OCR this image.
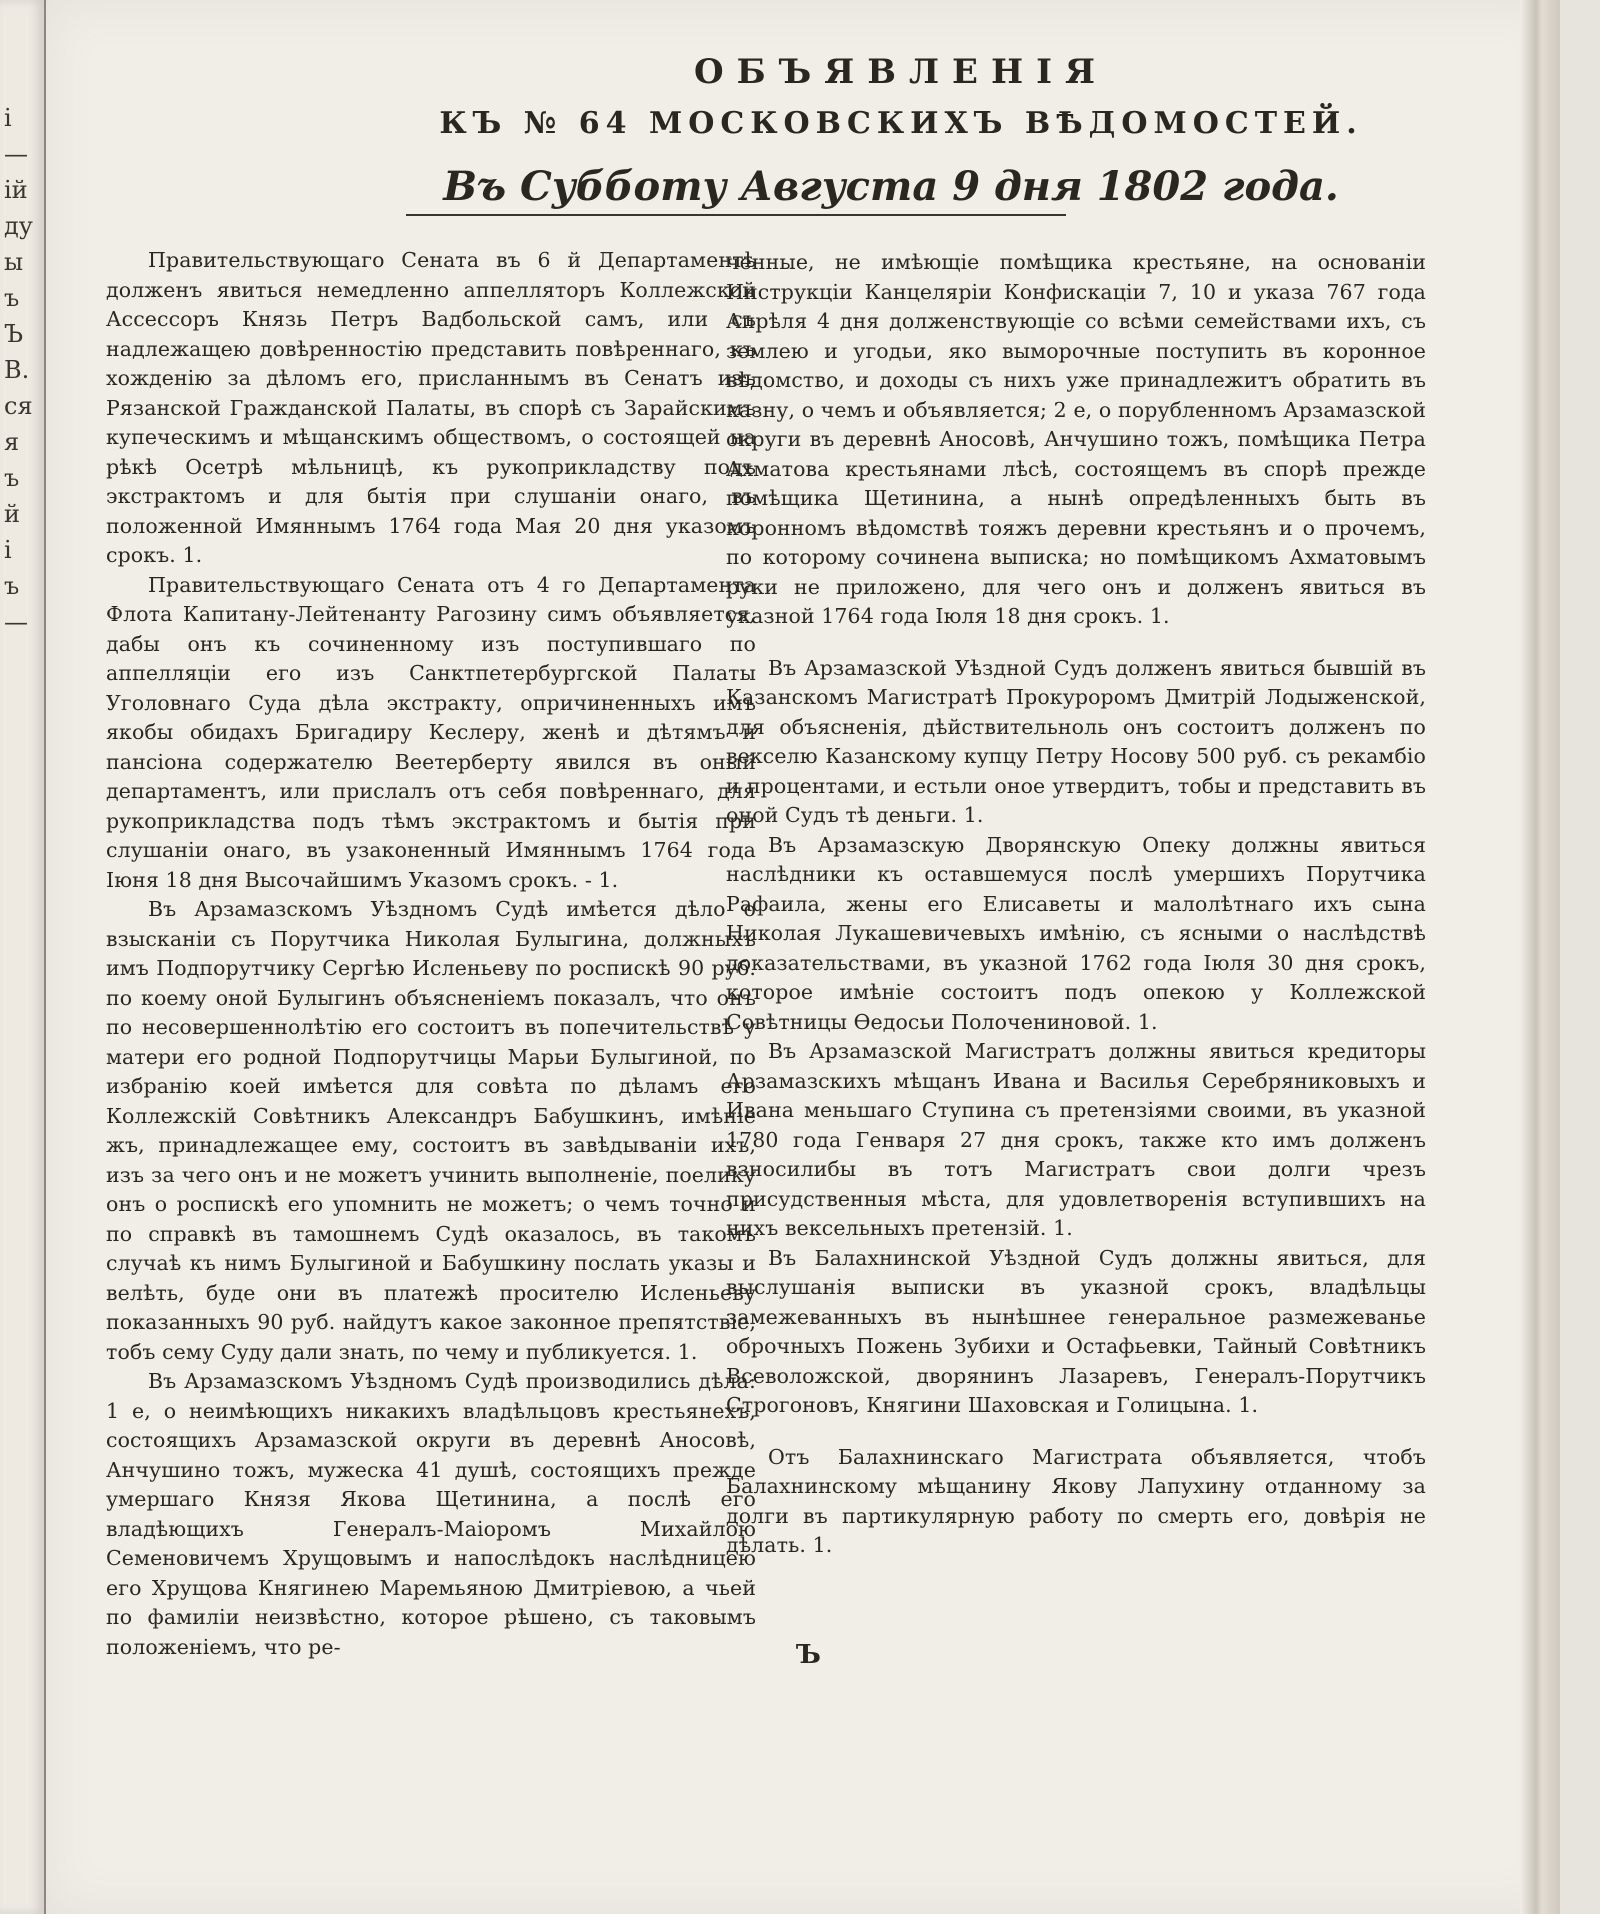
і
—
ій
ду
ы
ъ
Ъ
В.
ся
я
ъ
й
і
ъ
—
ОБЪЯВЛЕНІЯ
КЪ № 64 МОСКОВСКИХЪ ВѢДОМОСТЕЙ.
Въ Субботу Августа 9 дня 1802 года.

Правительствующаго Сената въ 6 й Департаментѣ долженъ явиться немедленно аппелляторъ Коллежской Ассессоръ Князь Петръ Вадбольской самъ, или съ надлежащею довѣренностію представить повѣреннаго, къ хожденію за дѣломъ его, присланнымъ въ Сенатъ изъ Рязанской Гражданской Палаты, въ спорѣ съ Зарайскимъ купеческимъ и мѣщанскимъ обществомъ, о состоящей на рѣкѣ Осетрѣ мѣльницѣ, къ рукоприкладству подъ экстрактомъ и для бытія при слушаніи онаго, въ положенной Имяннымъ 1764 года Мая 20 дня указомъ срокъ. 1.

Правительствующаго Сената отъ 4 го Департамента Флота Капитану-Лейтенанту Рагозину симъ объявляется, дабы онъ къ сочиненному изъ поступившаго по аппелляціи его изъ Санктпетербургской Палаты Уголовнаго Суда дѣла экстракту, опричиненныхъ имъ якобы обидахъ Бригадиру Кеслеру, женѣ и дѣтямъ и пансіона содержателю Веетерберту явился въ оный департаментъ, или прислалъ отъ себя повѣреннаго, для рукоприкладства подъ тѣмъ экстрактомъ и бытія при слушаніи онаго, въ узаконенный Имяннымъ 1764 года Іюня 18 дня Высочайшимъ Указомъ срокъ. - 1.

Въ Арзамазскомъ Уѣздномъ Судѣ имѣется дѣло о взысканіи съ Порутчика Николая Булыгина, должныхъ имъ Подпорутчику Сергѣю Исленьеву по роспискѣ 90 руб. по коему оной Булыгинъ объясненіемъ показалъ, что онъ по несовершеннолѣтію его состоитъ въ попечительствѣ у матери его родной Подпорутчицы Марьи Булыгиной, по избранію коей имѣется для совѣта по дѣламъ его Коллежскій Совѣтникъ Александръ Бабушкинъ, имѣніе жъ, принадлежащее ему, состоитъ въ завѣдываніи ихъ, изъ за чего онъ и не можетъ учинить выполненіе, поелику онъ о роспискѣ его упомнить не можетъ; о чемъ точно и по справкѣ въ тамошнемъ Судѣ оказалось, въ такомъ случаѣ къ нимъ Булыгиной и Бабушкину послать указы и велѣть, буде они въ платежѣ просителю Исленьеву показанныхъ 90 руб. найдутъ какое законное препятствіе, тобъ сему Суду дали знать, по чему и публикуется. 1.

Въ Арзамазскомъ Уѣздномъ Судѣ производились дѣла: 1 е, о неимѣющихъ никакихъ владѣльцовъ крестьянехъ, состоящихъ Арзамазской округи въ деревнѣ Аносовѣ, Анчушино тожъ, мужеска 41 душѣ, состоящихъ прежде умершаго Князя Якова Щетинина, а послѣ его владѣющихъ Генералъ-Маіоромъ Михайлою Семеновичемъ Хрущовымъ и напослѣдокъ наслѣдницею его Хрущова Княгинею Маремьяною Дмитріевою, а чьей по фамиліи неизвѣстно, которое рѣшено, съ таковымъ положеніемъ, что ре-

ченные, не имѣющіе помѣщика крестьяне, на основаніи Инструкціи Канцеляріи Конфискаціи 7, 10 и указа 767 года Апрѣля 4 дня долженствующіе со всѣми семействами ихъ, съ землею и угодьи, яко выморочные поступить въ коронное вѣдомство, и доходы съ нихъ уже принадлежитъ обратить въ казну, о чемъ и объявляется; 2 е, о порубленномъ Арзамазской округи въ деревнѣ Аносовѣ, Анчушино тожъ, помѣщика Петра Ахматова крестьянами лѣсѣ, состоящемъ въ спорѣ прежде помѣщика Щетинина, а нынѣ опредѣленныхъ быть въ коронномъ вѣдомствѣ тояжъ деревни крестьянъ и о прочемъ, по которому сочинена выписка; но помѣщикомъ Ахматовымъ руки не приложено, для чего онъ и долженъ явиться въ указной 1764 года Іюля 18 дня срокъ. 1.

Въ Арзамазской Уѣздной Судъ долженъ явиться бывшій въ Казанскомъ Магистратѣ Прокуроромъ Дмитрій Лодыженской, для объясненія, дѣйствительноль онъ состоитъ долженъ по векселю Казанскому купцу Петру Носову 500 руб. съ рекамбіо и процентами, и естьли оное утвердитъ, тобы и представить въ оной Судъ тѣ деньги. 1.

Въ Арзамазскую Дворянскую Опеку должны явиться наслѣдники къ оставшемуся послѣ умершихъ Порутчика Рафаила, жены его Елисаветы и малолѣтнаго ихъ сына Николая Лукашевичевыхъ имѣнію, съ ясными о наслѣдствѣ доказательствами, въ указной 1762 года Іюля 30 дня срокъ, которое имѣніе состоитъ подъ опекою у Коллежской Совѣтницы Ѳедосьи Полочениновой. 1.

Въ Арзамазской Магистратъ должны явиться кредиторы Арзамазскихъ мѣщанъ Ивана и Василья Серебряниковыхъ и Ивана меньшаго Ступина съ претензіями своими, въ указной 1780 года Генваря 27 дня срокъ, также кто имъ долженъ взносилибы въ тотъ Магистратъ свои долги чрезъ присудственныя мѣста, для удовлетворенія вступившихъ на нихъ вексельныхъ претензій. 1.

Въ Балахнинской Уѣздной Судъ должны явиться, для выслушанія выписки въ указной срокъ, владѣльцы замежеванныхъ въ нынѣшнее генеральное размежеванье оброчныхъ Пожень Зубихи и Остафьевки, Тайный Совѣтникъ Всеволожской, дворянинъ Лазаревъ, Генералъ-Порутчикъ Строгоновъ, Княгини Шаховская и Голицына. 1.

Отъ Балахнинскаго Магистрата объявляется, чтобъ Балахнинскому мѣщанину Якову Лапухину отданному за долги въ партикулярную работу по смерть его, довѣрія не дѣлать. 1.

Ъ
